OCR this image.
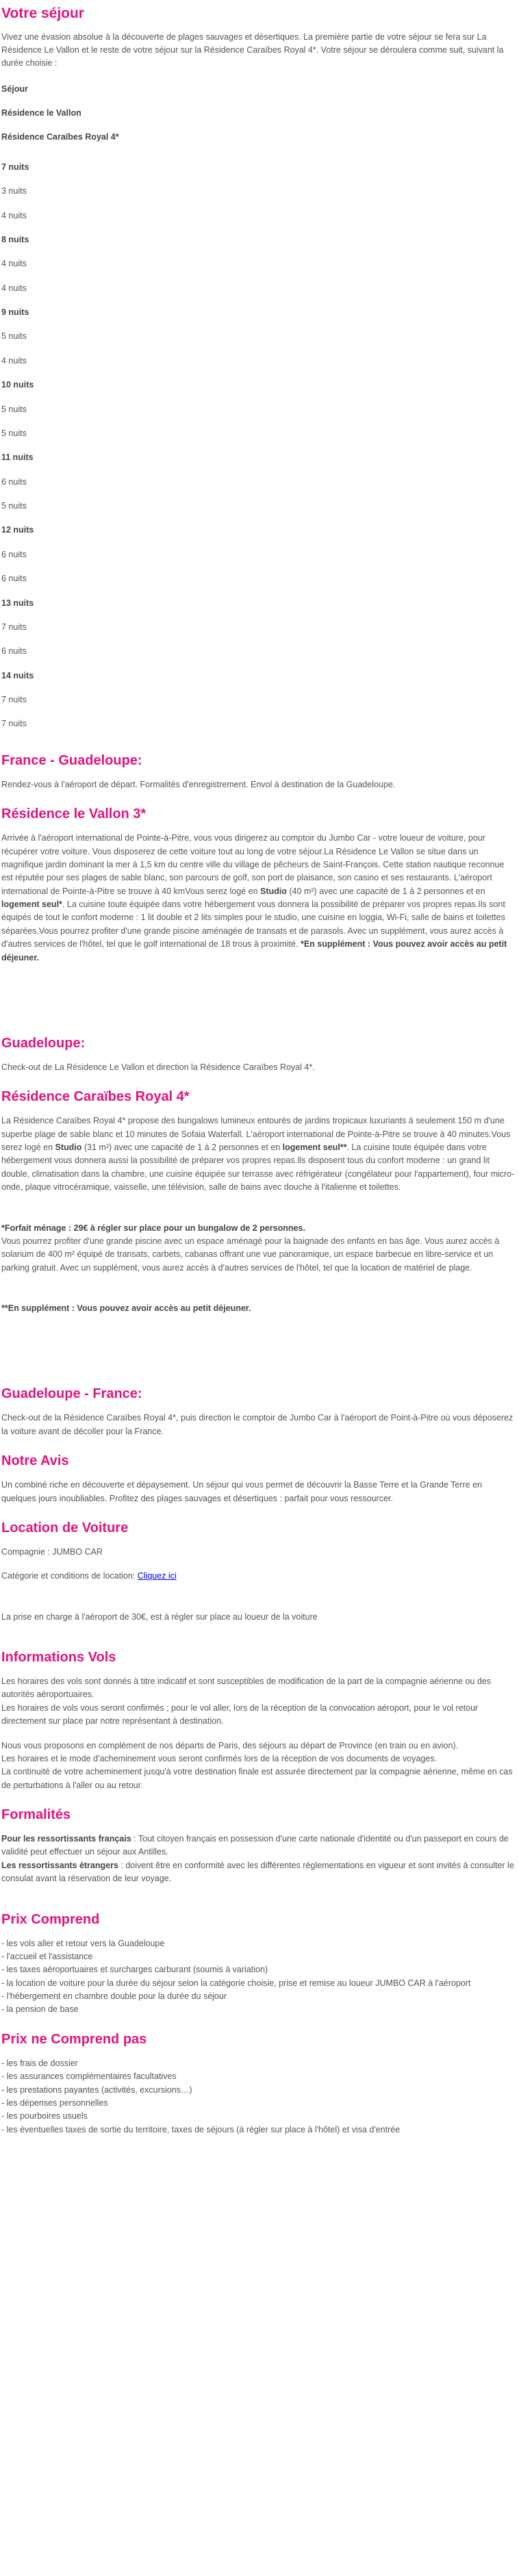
Votre séjour

Vivez une évasion absolue à la découverte de plages sauvages et désertiques. La première partie de votre séjour se fera sur La Résidence Le Vallon et le reste de votre séjour sur la Résidence Caraïbes Royal 4*. Votre séjour se déroulera comme suit, suivant la durée choisie :

Séjour
Résidence le Vallon
Résidence Caraïbes Royal 4*
7 nuits
3 nuits
4 nuits
8 nuits
4 nuits
4 nuits
9 nuits
5 nuits
4 nuits
10 nuits
5 nuits
5 nuits
11 nuits
6 nuits
5 nuits
12 nuits
6 nuits
6 nuits
13 nuits
7 nuits
6 nuits
14 nuits
7 nuits
7 nuits
France - Guadeloupe:

Rendez-vous à l'aéroport de départ. Formalités d'enregistrement. Envol à destination de la Guadeloupe.

Résidence le Vallon 3*

Arrivée à l'aéroport international de Pointe-à-Pitre, vous vous dirigerez au comptoir du Jumbo Car - votre loueur de voiture, pour récupérer votre voiture. Vous disposerez de cette voiture tout au long de votre séjour.La Résidence Le Vallon se situe dans un magnifique jardin dominant la mer à 1,5 km du centre ville du village de pêcheurs de Saint-François. Cette station nautique reconnue est réputée pour ses plages de sable blanc, son parcours de golf, son port de plaisance, son casino et ses restaurants. L'aéroport international de Pointe-à-Pitre se trouve à 40 kmVous serez logé en Studio (40 m²) avec une capacité de 1 à 2 personnes et en logement seul*. La cuisine toute équipée dans votre hébergement vous donnera la possibilité de préparer vos propres repas.Ils sont équipés de tout le confort moderne : 1 lit double et 2 lits simples pour le studio, une cuisine en loggia, Wi-Fi, salle de bains et toilettes séparées.Vous pourrez profiter d'une grande piscine aménagée de transats et de parasols. Avec un supplément, vous aurez accès à d'autres services de l'hôtel, tel que le golf international de 18 trous à proximité. *En supplément : Vous pouvez avoir accès au petit déjeuner.

Guadeloupe:

Check-out de La Résidence Le Vallon et direction la Résidence Caraïbes Royal 4*.

Résidence Caraïbes Royal 4*

La Résidence Caraïbes Royal 4* propose des bungalows lumineux entourés de jardins tropicaux luxuriants à seulement 150 m d'une superbe plage de sable blanc et 10 minutes de Sofaia Waterfall. L'aéroport international de Pointe-à-Pitre se trouve à 40 minutes.Vous serez logé en Studio (31 m²) avec une capacité de 1 à 2 personnes et en logement seul**. La cuisine toute équipée dans votre hébergement vous donnera aussi la possibilité de préparer vos propres repas.Ils disposent tous du confort moderne : un grand lit double, climatisation dans la chambre, une cuisine équipée sur terrasse avec réfrigérateur (congélateur pour l'appartement), four micro-onde, plaque vitrocéramique, vaisselle, une télévision, salle de bains avec douche à l'italienne et toilettes.

*Forfait ménage : 29€ à régler sur place pour un bungalow de 2 personnes.
Vous pourrez profiter d'une grande piscine avec un espace aménagé pour la baignade des enfants en bas âge. Vous aurez accès à solarium de 400 m² équipé de transats, carbets, cabanas offrant une vue panoramique, un espace barbecue en libre-service et un parking gratuit. Avec un supplément, vous aurez accès à d'autres services de l'hôtel, tel que la location de matériel de plage.

**En supplément : Vous pouvez avoir accès au petit déjeuner.

Guadeloupe - France:

Check-out de la Résidence Caraïbes Royal 4*, puis direction le comptoir de Jumbo Car à l'aéroport de Point-à-Pitre où vous déposerez la voiture avant de décoller pour la France.

Notre Avis

Un combiné riche en découverte et dépaysement. Un séjour qui vous permet de découvrir la Basse Terre et la Grande Terre en quelques jours inoubliables. Profitez des plages sauvages et désertiques : parfait pour vous ressourcer.

Location de Voiture

Compagnie : JUMBO CAR

Catégorie et conditions de location: Cliquez ici

La prise en charge à l'aéroport de 30€, est à régler sur place au loueur de la voiture

Informations Vols

Les horaires des vols sont donnés à titre indicatif et sont susceptibles de modification de la part de la compagnie aérienne ou des autorités aéroportuaires.
Les horaires de vols vous seront confirmés ; pour le vol aller, lors de la réception de la convocation aéroport, pour le vol retour directement sur place par notre représentant à destination.

Nous vous proposons en complément de nos départs de Paris, des séjours au départ de Province (en train ou en avion).
Les horaires et le mode d'acheminement vous seront confirmés lors de la réception de vos documents de voyages.
La continuité de votre acheminement jusqu'à votre destination finale est assurée directement par la compagnie aérienne, même en cas de perturbations à l'aller ou au retour.

Formalités

Pour les ressortissants français : Tout citoyen français en possession d'une carte nationale d'identité ou d'un passeport en cours de validité peut effectuer un séjour aux Antilles.
Les ressortissants étrangers : doivent être en conformité avec les différentes réglementations en vigueur et sont invités à consulter le consulat avant la réservation de leur voyage.

Prix Comprend
- les vols aller et retour vers la Guadeloupe
- l'accueil et l'assistance
- les taxes aéroportuaires et surcharges carburant (soumis à variation)
- la location de voiture pour la durée du séjour selon la catégorie choisie, prise et remise au loueur JUMBO CAR à l'aéroport
- l'hébergement en chambre double pour la durée du séjour
- la pension de base
Prix ne Comprend pas
- les frais de dossier
- les assurances complémentaires facultatives
- les prestations payantes (activités, excursions…)
- les dépenses personnelles
- les pourboires usuels
- les éventuelles taxes de sortie du territoire, taxes de séjours (à régler sur place à l'hôtel) et visa d'entrée
